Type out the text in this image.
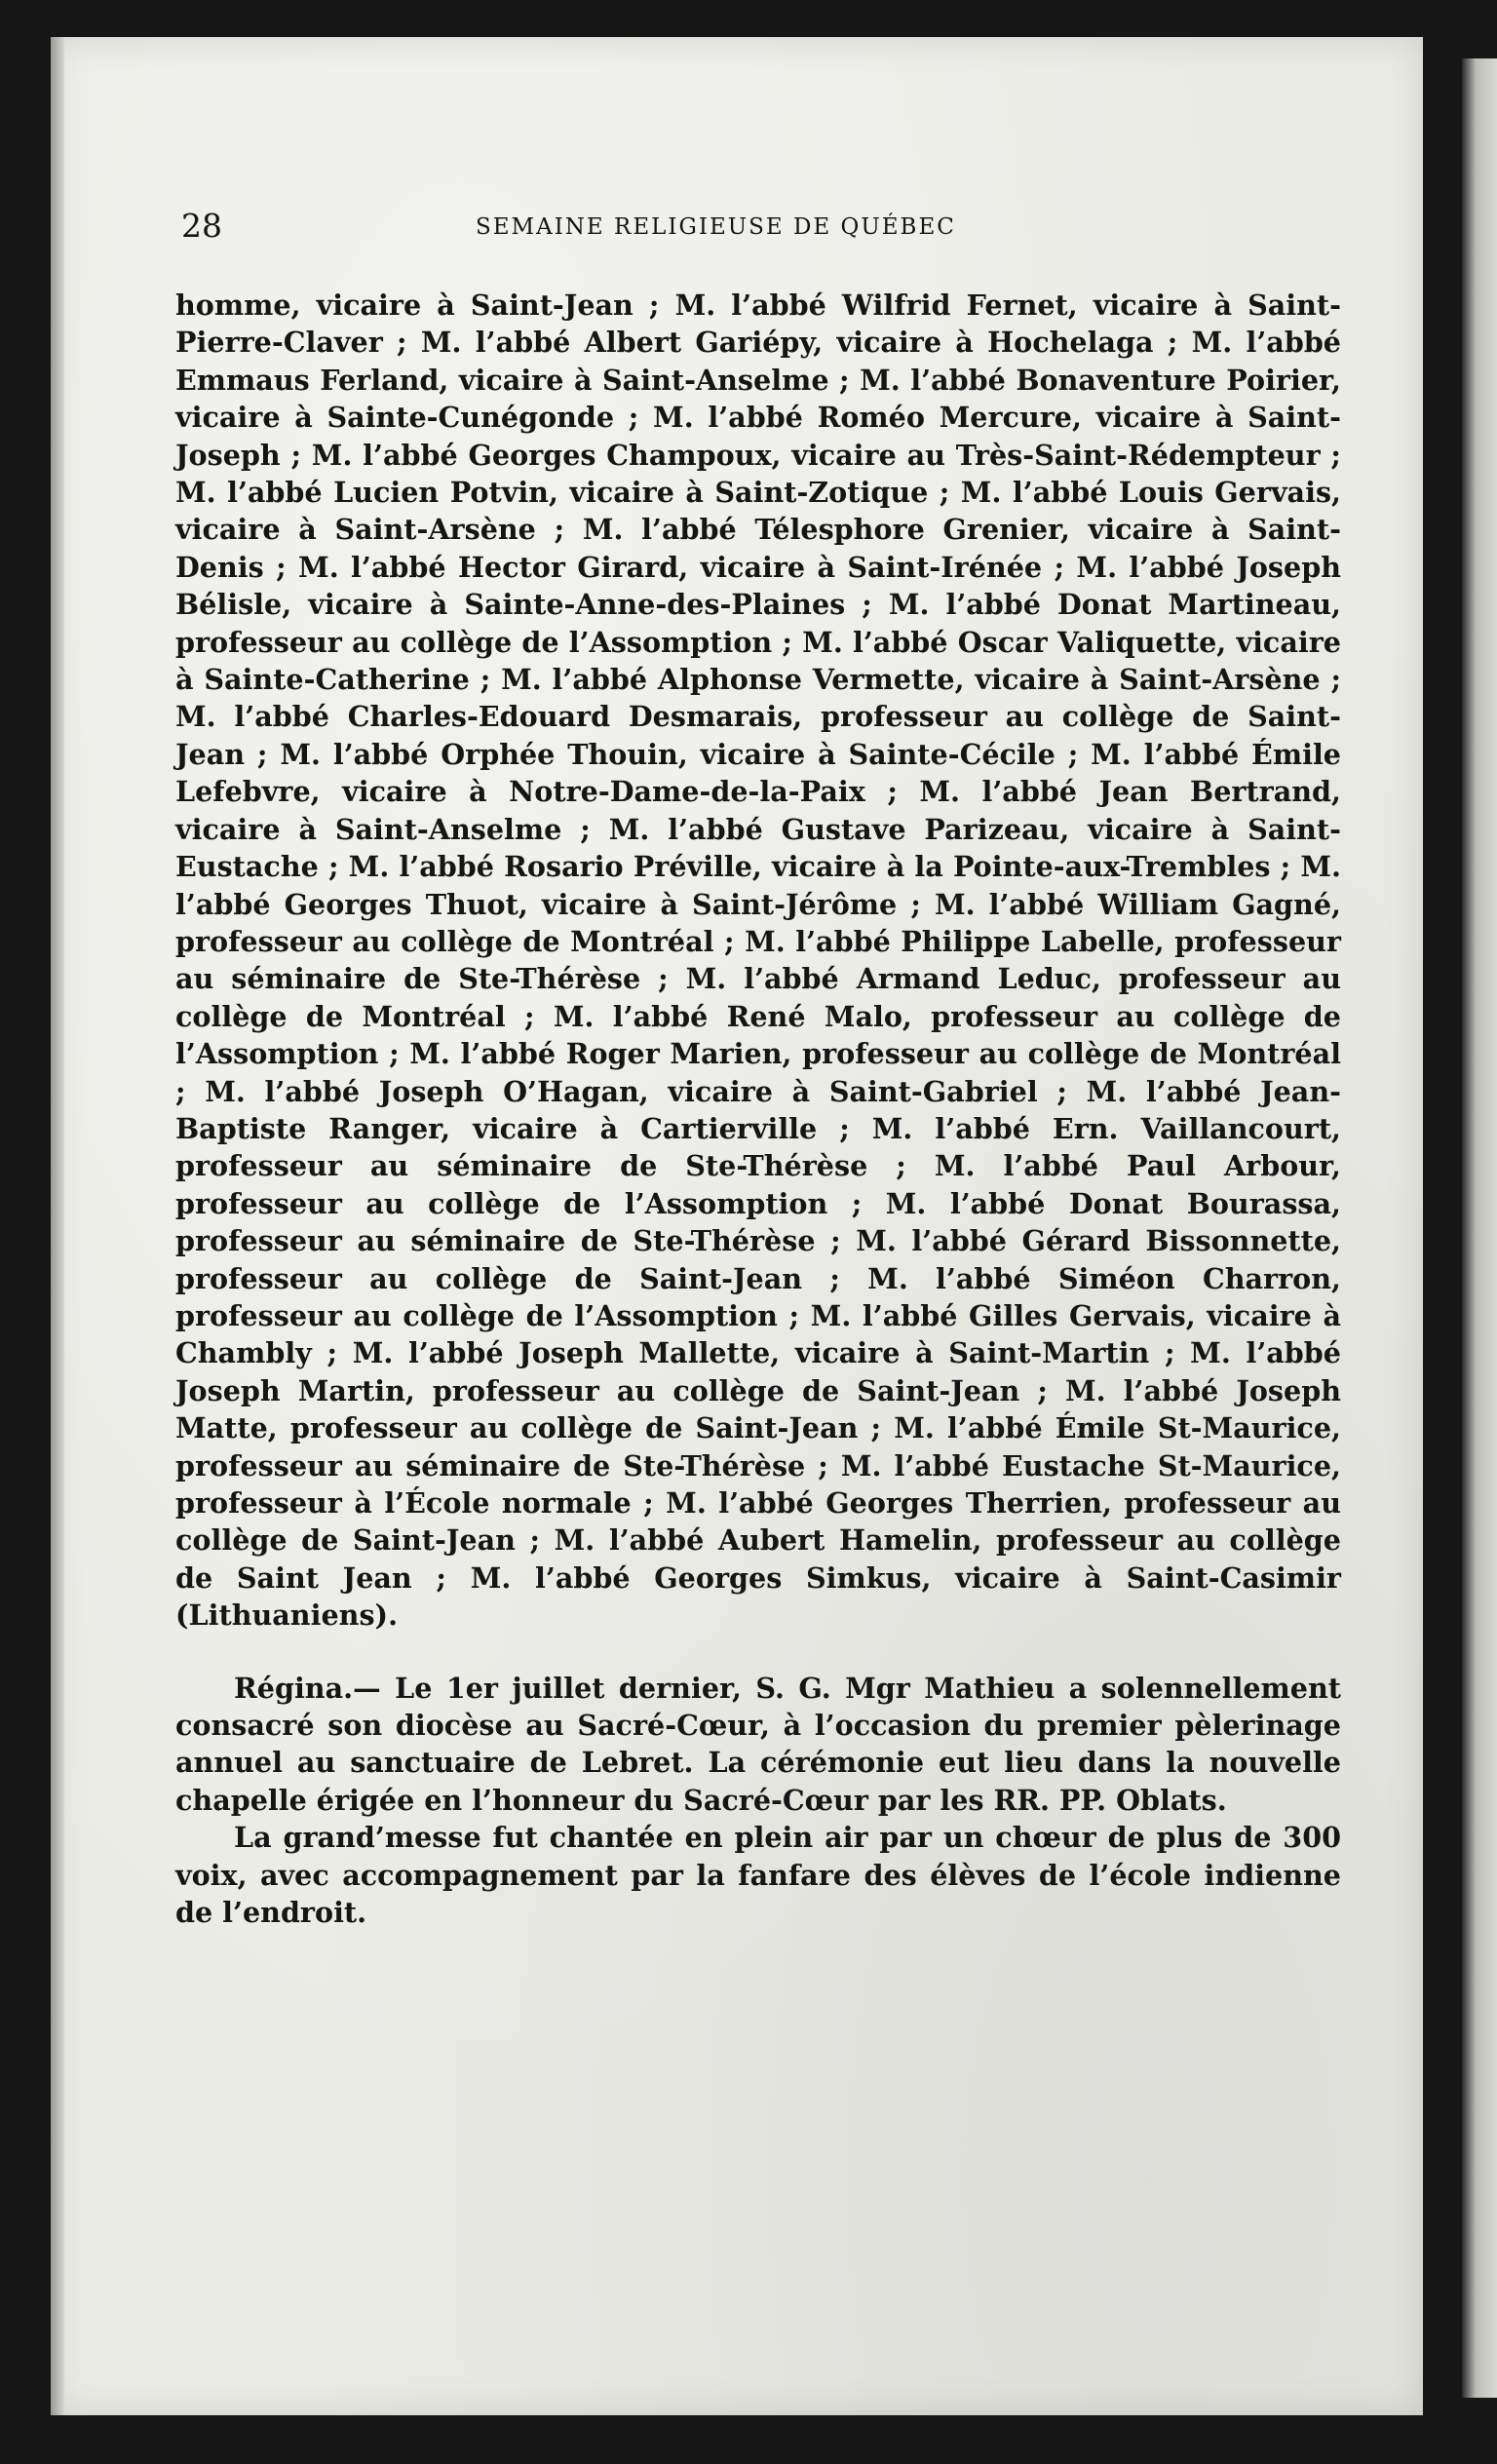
28	SEMAINE RELIGIEUSE DE QUÉBEC

homme, vicaire à Saint-Jean ; M. l’abbé Wilfrid Fernet, vicaire à Saint-Pierre-Claver ; M. l’abbé Albert Gariépy, vicaire à Hochelaga ; M. l’abbé Emmaus Ferland, vicaire à Saint-Anselme ; M. l’abbé Bonaventure Poirier, vicaire à Sainte-Cunégonde ; M. l’abbé Roméo Mercure, vicaire à Saint-Joseph ; M. l’abbé Georges Champoux, vicaire au Très-Saint-Rédempteur ; M. l’abbé Lucien Potvin, vicaire à Saint-Zotique ; M. l’abbé Louis Gervais, vicaire à Saint-Arsène ; M. l’abbé Télesphore Grenier, vicaire à Saint-Denis ; M. l’abbé Hector Girard, vicaire à Saint-Irénée ; M. l’abbé Joseph Bélisle, vicaire à Sainte-Anne-des-Plaines ; M. l’abbé Donat Martineau, professeur au collège de l’Assomption ; M. l’abbé Oscar Valiquette, vicaire à Sainte-Catherine ; M. l’abbé Alphonse Vermette, vicaire à Saint-Arsène ; M. l’abbé Charles-Edouard Desmarais, professeur au collège de Saint-Jean ; M. l’abbé Orphée Thouin, vicaire à Sainte-Cécile ; M. l’abbé Émile Lefebvre, vicaire à Notre-Dame-de-la-Paix ; M. l’abbé Jean Bertrand, vicaire à Saint-Anselme ; M. l’abbé Gustave Parizeau, vicaire à Saint-Eustache ; M. l’abbé Rosario Préville, vicaire à la Pointe-aux-Trembles ; M. l’abbé Georges Thuot, vicaire à Saint-Jérôme ; M. l’abbé William Gagné, professeur au collège de Montréal ; M. l’abbé Philippe Labelle, professeur au séminaire de Ste-Thérèse ; M. l’abbé Armand Leduc, professeur au collège de Montréal ; M. l’abbé René Malo, professeur au collège de l’Assomption ; M. l’abbé Roger Marien, professeur au collège de Montréal ; M. l’abbé Joseph O’Hagan, vicaire à Saint-Gabriel ; M. l’abbé Jean-Baptiste Ranger, vicaire à Cartierville ; M. l’abbé Ern. Vaillancourt, professeur au séminaire de Ste-Thérèse ; M. l’abbé Paul Arbour, professeur au collège de l’Assomption ; M. l’abbé Donat Bourassa, professeur au séminaire de Ste-Thérèse ; M. l’abbé Gérard Bissonnette, professeur au collège de Saint-Jean ; M. l’abbé Siméon Charron, professeur au collège de l’Assomption ; M. l’abbé Gilles Gervais, vicaire à Chambly ; M. l’abbé Joseph Mallette, vicaire à Saint-Martin ; M. l’abbé Joseph Martin, professeur au collège de Saint-Jean ; M. l’abbé Joseph Matte, professeur au collège de Saint-Jean ; M. l’abbé Émile St-Maurice, professeur au séminaire de Ste-Thérèse ; M. l’abbé Eustache St-Maurice, professeur à l’École normale ; M. l’abbé Georges Therrien, professeur au collège de Saint-Jean ; M. l’abbé Aubert Hamelin, professeur au collège de Saint Jean ; M. l’abbé Georges Simkus, vicaire à Saint-Casimir (Lithuaniens).

Régina.— Le 1er juillet dernier, S. G. Mgr Mathieu a solennellement consacré son diocèse au Sacré-Cœur, à l’occasion du premier pèlerinage annuel au sanctuaire de Lebret. La cérémonie eut lieu dans la nouvelle chapelle érigée en l’honneur du Sacré-Cœur par les RR. PP. Oblats.

La grand’messe fut chantée en plein air par un chœur de plus de 300 voix, avec accompagnement par la fanfare des élèves de l’école indienne de l’endroit.
